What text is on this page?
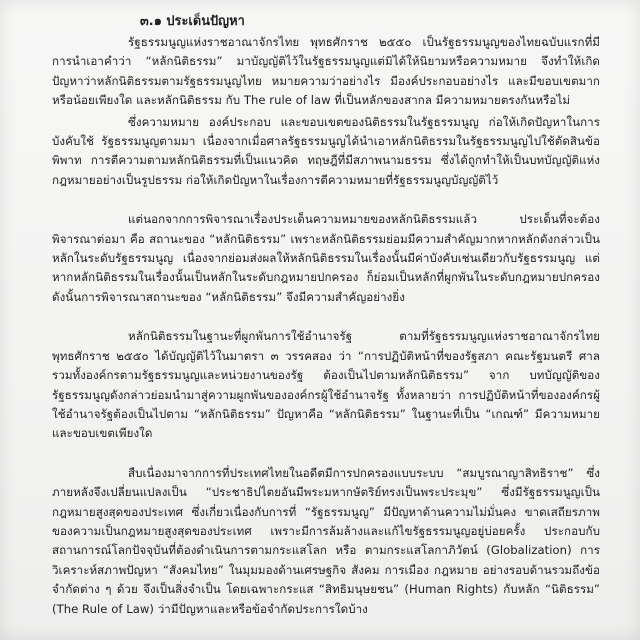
๓.๑ ประเด็นปัญหา

รัฐธรรมนูญแห่งราชอาณาจักรไทย พุทธศักราช ๒๕๕๐ เป็นรัฐธรรมนูญของไทยฉบับแรกที่มีการนำเอาคำว่า “หลักนิติธรรม” มาบัญญัติไว้ในรัฐธรรมนูญแต่มิได้ให้นิยามหรือความหมาย จึงทำให้เกิดปัญหาว่าหลักนิติธรรมตามรัฐธรรมนูญไทย หมายความว่าอย่างไร มีองค์ประกอบอย่างไร และมีขอบเขตมากหรือน้อยเพียงใด และหลักนิติธรรม กับ The rule of law ที่เป็นหลักของสากล มีความหมายตรงกันหรือไม่

ซึ่งความหมาย องค์ประกอบ และขอบเขตของนิติธรรมในรัฐธรรมนูญ ก่อให้เกิดปัญหาในการบังคับใช้ รัฐธรรมนูญตามมา เนื่องจากเมื่อศาลรัฐธรรมนูญได้นำเอาหลักนิติธรรมในรัฐธรรมนูญไปใช้ตัดสินข้อพิพาท การตีความตามหลักนิติธรรมที่เป็นแนวคิด ทฤษฎีที่มีสภาพนามธรรม ซึ่งได้ถูกทำให้เป็นบทบัญญัติแห่ง กฎหมายอย่างเป็นรูปธรรม ก่อให้เกิดปัญหาในเรื่องการตีความหมายที่รัฐธรรมนูญบัญญัติไว้

แต่นอกจากการพิจารณาเรื่องประเด็นความหมายของหลักนิติธรรมแล้ว ประเด็นที่จะต้องพิจารณาต่อมา คือ สถานะของ “หลักนิติธรรม” เพราะหลักนิติธรรมย่อมมีความสำคัญมากหากหลักดังกล่าวเป็นหลักในระดับรัฐธรรมนูญ เนื่องจากย่อมส่งผลให้หลักนิติธรรมในเรื่องนั้นมีค่าบังคับเช่นเดียวกับรัฐธรรมนูญ แต่หากหลักนิติธรรมในเรื่องนั้นเป็นหลักในระดับกฎหมายปกครอง ก็ย่อมเป็นหลักที่ผูกพันในระดับกฎหมายปกครอง ดังนั้นการพิจารณาสถานะของ “หลักนิติธรรม” จึงมีความสำคัญอย่างยิ่ง

หลักนิติธรรมในฐานะที่ผูกพันการใช้อำนาจรัฐ ตามที่รัฐธรรมนูญแห่งราชอาณาจักรไทย พุทธศักราช ๒๕๕๐ ได้บัญญัติไว้ในมาตรา ๓ วรรคสอง ว่า “การปฏิบัติหน้าที่ของรัฐสภา คณะรัฐมนตรี ศาล รวมทั้งองค์กรตามรัฐธรรมนูญและหน่วยงานของรัฐ ต้องเป็นไปตามหลักนิติธรรม” จาก บทบัญญัติของรัฐธรรมนูญดังกล่าวย่อมนำมาสู่ความผูกพันขององค์กรผู้ใช้อำนาจรัฐ ทั้งหลายว่า การปฏิบัติหน้าที่ขององค์กรผู้ใช้อำนาจรัฐต้องเป็นไปตาม “หลักนิติธรรม” ปัญหาคือ “หลักนิติธรรม” ในฐานะที่เป็น “เกณฑ์” มีความหมายและขอบเขตเพียงใด

สืบเนื่องมาจากการที่ประเทศไทยในอดีตมีการปกครองแบบระบบ “สมบูรณาญาสิทธิราช” ซึ่งภายหลังจึงเปลี่ยนแปลงเป็น “ประชาธิปไตยอันมีพระมหากษัตริย์ทรงเป็นพระประมุข” ซึ่งมีรัฐธรรมนูญเป็นกฎหมายสูงสุดของประเทศ ซึ่งเกี่ยวเนื่องกับการที่ “รัฐธรรมนูญ” มีปัญหาด้านความไม่มั่นคง ขาดเสถียรภาพของความเป็นกฎหมายสูงสุดของประเทศ เพราะมีการล้มล้างและแก้ไขรัฐธรรมนูญอยู่บ่อยครั้ง ประกอบกับสถานการณ์โลกปัจจุบันที่ต้องดำเนินการตามกระแสโลก หรือ ตามกระแสโลกาภิวัตน์ (Globalization) การวิเคราะห์สภาพปัญหา “สังคมไทย” ในมุมมองด้านเศรษฐกิจ สังคม การเมือง กฎหมาย อย่างรอบด้านรวมถึงข้อจำกัดต่าง ๆ ด้วย จึงเป็นสิ่งจำเป็น โดยเฉพาะกระแส “สิทธิมนุษยชน” (Human Rights) กับหลัก “นิติธรรม” (The Rule of Law) ว่ามีปัญหาและหรือข้อจำกัดประการใดบ้าง
